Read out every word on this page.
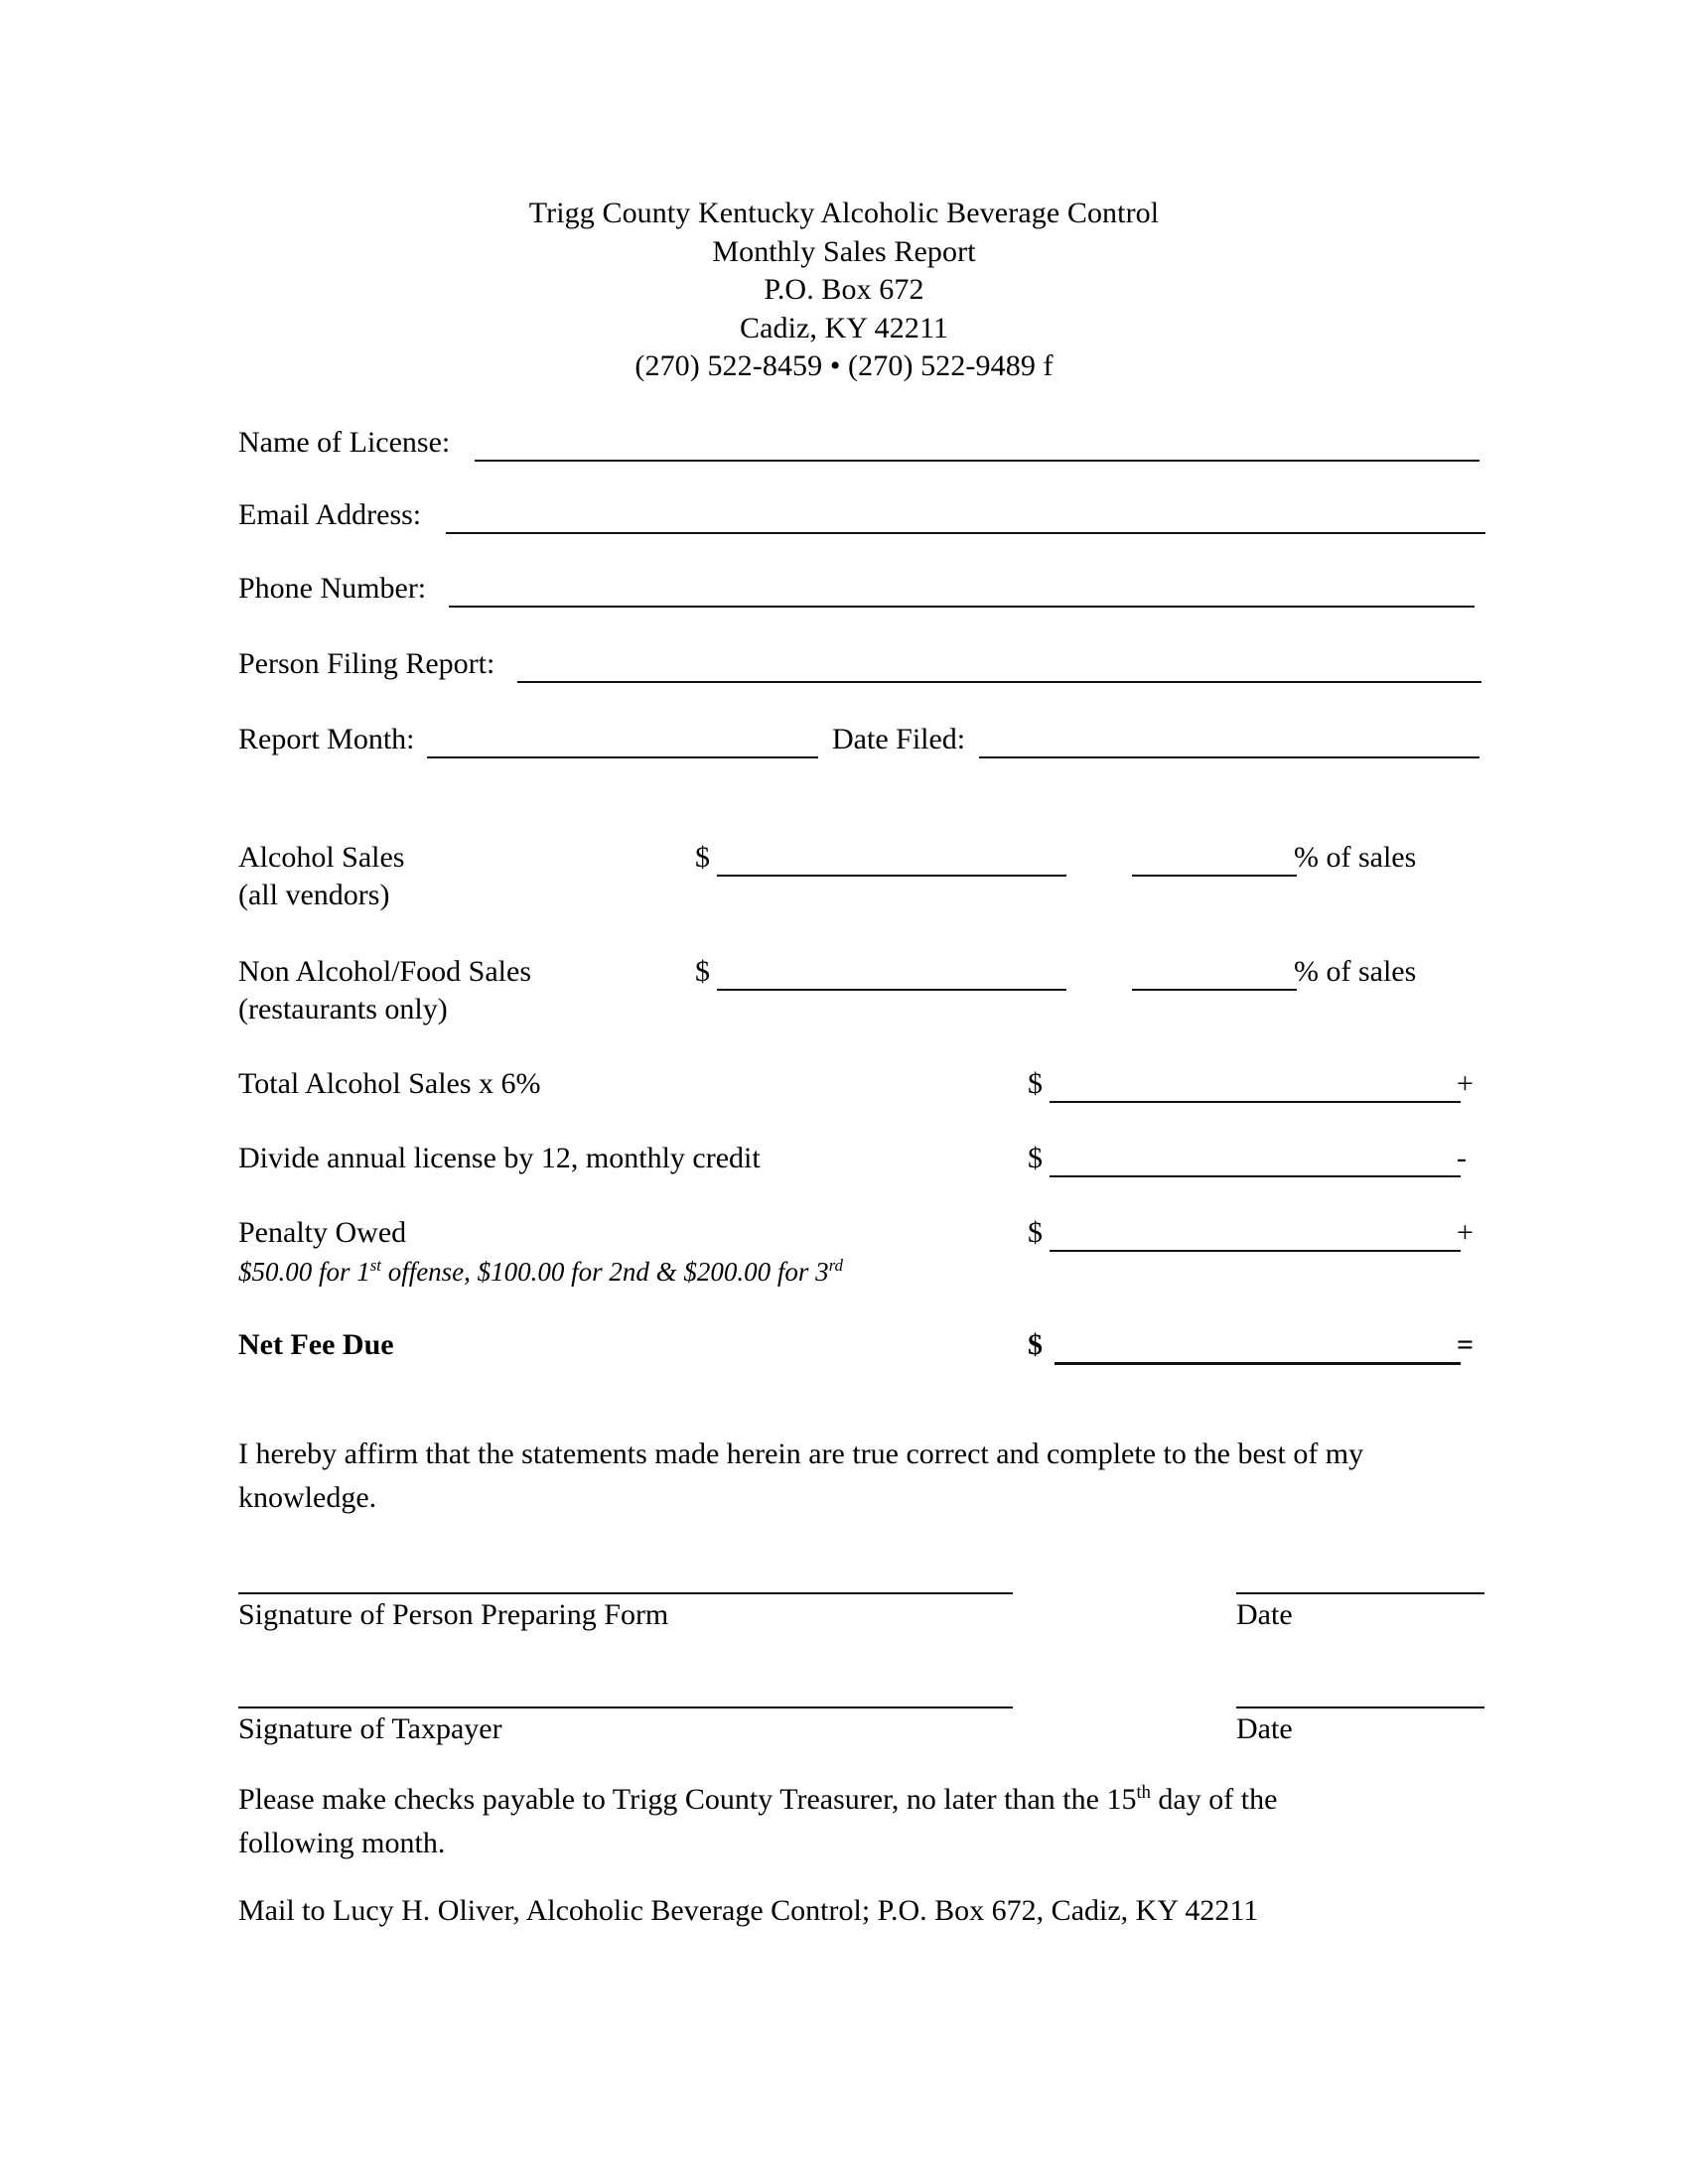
Trigg County Kentucky Alcoholic Beverage Control
Monthly Sales Report
P.O. Box 672
Cadiz, KY 42211
(270) 522-8459 • (270) 522-9489 f
Name of License:
Email Address:
Phone Number:
Person Filing Report:
Report Month:	Date Filed:
Alcohol Sales
(all vendors)
$	% of sales
Non Alcohol/Food Sales
(restaurants only)
$	% of sales
Total Alcohol Sales x 6%	$	+
Divide annual license by 12, monthly credit	$	-
Penalty Owed	$	+
$50.00 for 1st offense, $100.00 for 2nd & $200.00 for 3rd
Net Fee Due	$	=
I hereby affirm that the statements made herein are true correct and complete to the best of my knowledge.
Signature of Person Preparing Form	Date
Signature of Taxpayer	Date
Please make checks payable to Trigg County Treasurer, no later than the 15th day of the following month.
Mail to Lucy H. Oliver, Alcoholic Beverage Control; P.O. Box 672, Cadiz, KY 42211
